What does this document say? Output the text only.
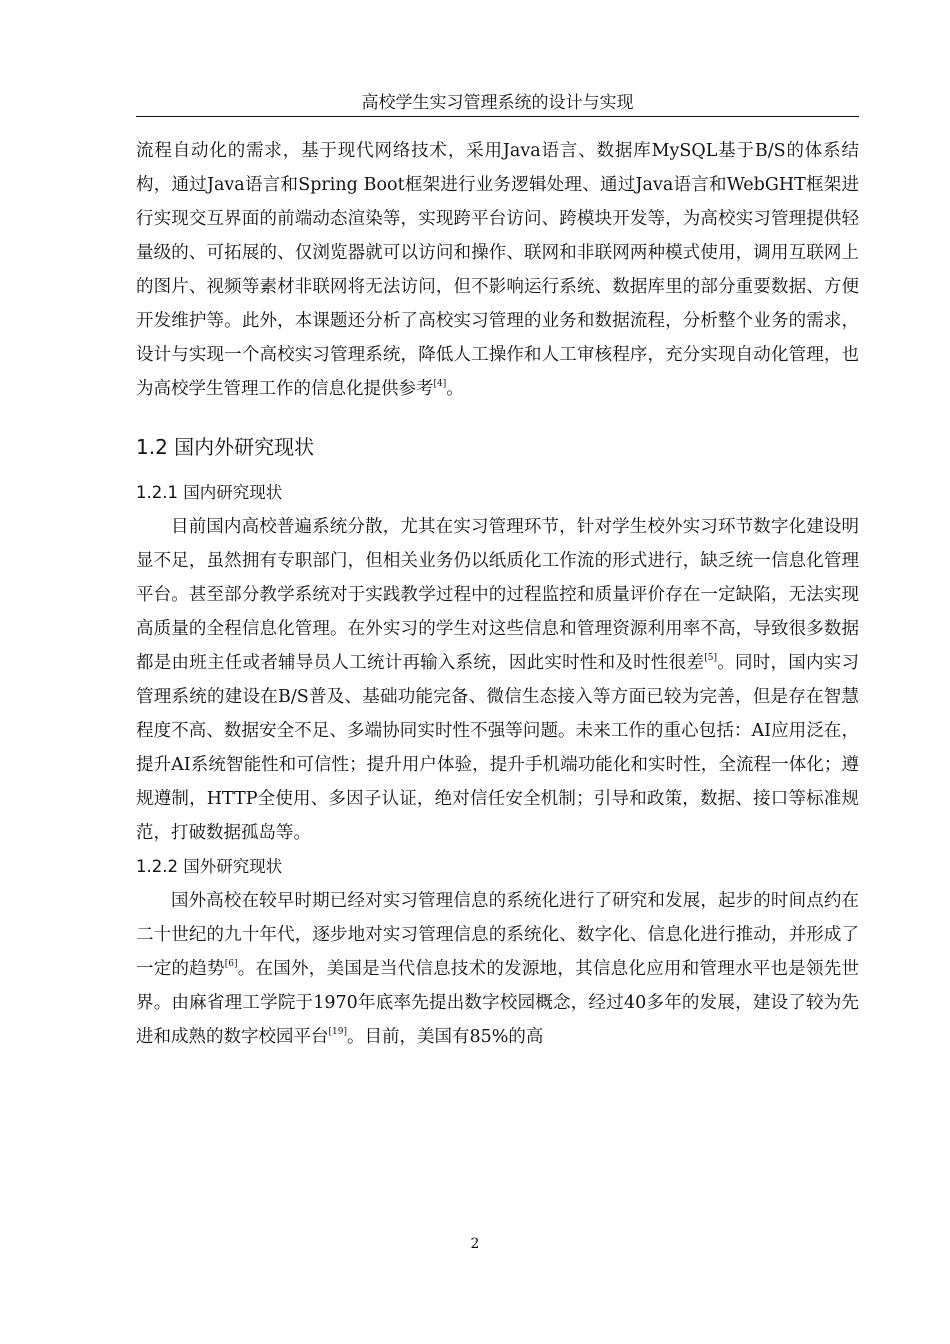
高校学生实习管理系统的设计与实现

流程自动化的需求，基于现代网络技术，采用Java语言、数据库MySQL基于B/S的体系结构，通过Java语言和Spring Boot框架进行业务逻辑处理、通过Java语言和WebGHT框架进行实现交互界面的前端动态渲染等，实现跨平台访问、跨模块开发等，为高校实习管理提供轻量级的、可拓展的、仅浏览器就可以访问和操作、联网和非联网两种模式使用，调用互联网上的图片、视频等素材非联网将无法访问，但不影响运行系统、数据库里的部分重要数据、方便开发维护等。此外，本课题还分析了高校实习管理的业务和数据流程，分析整个业务的需求，设计与实现一个高校实习管理系统，降低人工操作和人工审核程序，充分实现自动化管理，也为高校学生管理工作的信息化提供参考[4]。

1.2 国内外研究现状
1.2.1 国内研究现状

目前国内高校普遍系统分散，尤其在实习管理环节，针对学生校外实习环节数字化建设明显不足，虽然拥有专职部门，但相关业务仍以纸质化工作流的形式进行，缺乏统一信息化管理平台。甚至部分教学系统对于实践教学过程中的过程监控和质量评价存在一定缺陷，无法实现高质量的全程信息化管理。在外实习的学生对这些信息和管理资源利用率不高，导致很多数据都是由班主任或者辅导员人工统计再输入系统，因此实时性和及时性很差[5]。同时，国内实习管理系统的建设在B/S普及、基础功能完备、微信生态接入等方面已较为完善，但是存在智慧程度不高、数据安全不足、多端协同实时性不强等问题。未来工作的重心包括：AI应用泛在，提升AI系统智能性和可信性；提升用户体验，提升手机端功能化和实时性，全流程一体化；遵规遵制，HTTP全使用、多因子认证，绝对信任安全机制；引导和政策，数据、接口等标准规范，打破数据孤岛等。

1.2.2 国外研究现状

国外高校在较早时期已经对实习管理信息的系统化进行了研究和发展，起步的时间点约在二十世纪的九十年代，逐步地对实习管理信息的系统化、数字化、信息化进行推动，并形成了一定的趋势[6]。在国外，美国是当代信息技术的发源地，其信息化应用和管理水平也是领先世界。由麻省理工学院于1970年底率先提出数字校园概念，经过40多年的发展，建设了较为先进和成熟的数字校园平台[19]。目前，美国有85%的高

2
